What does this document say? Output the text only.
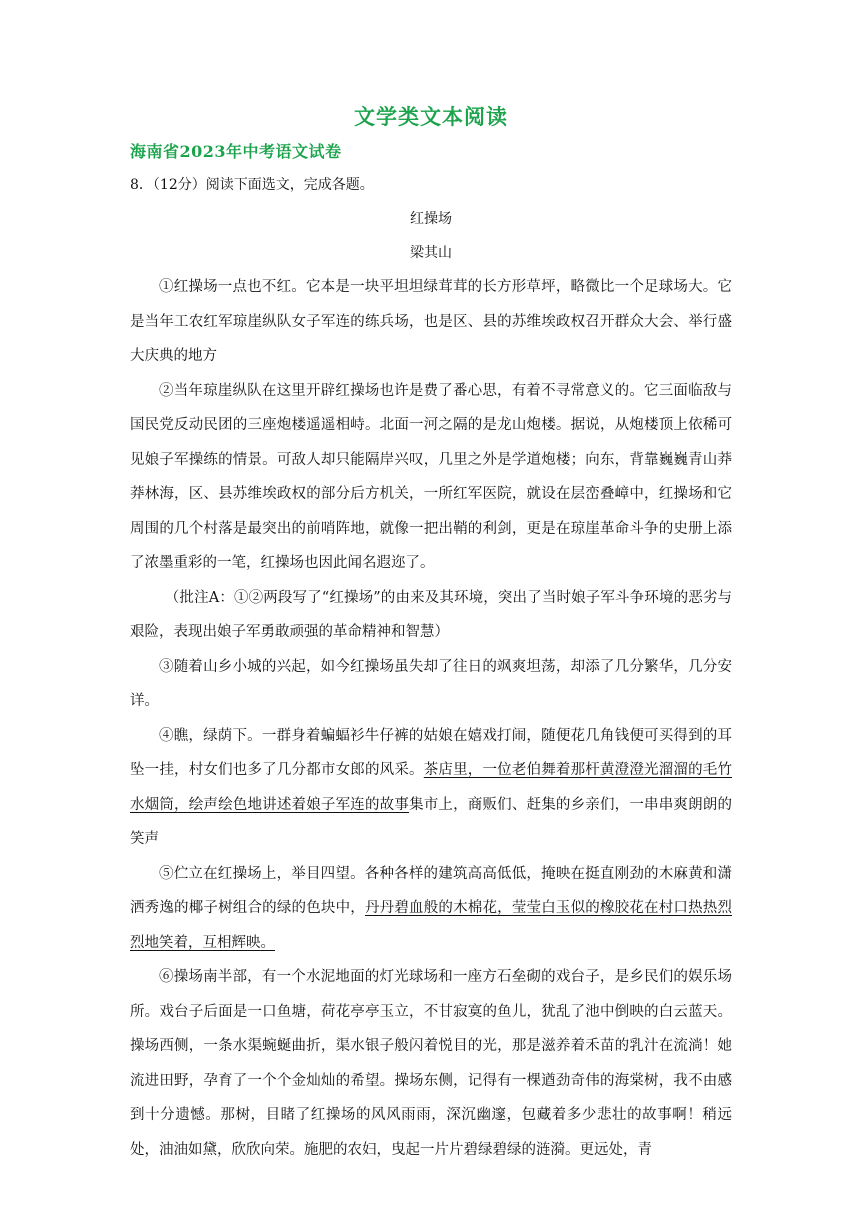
文学类文本阅读
海南省2023年中考语文试卷

8．（12分）阅读下面选文，完成各题。

红操场

梁其山

①红操场一点也不红。它本是一块平坦坦绿茸茸的长方形草坪，略微比一个足球场大。它是当年工农红军琼崖纵队女子军连的练兵场，也是区、县的苏维埃政权召开群众大会、举行盛大庆典的地方

②当年琼崖纵队在这里开辟红操场也许是费了番心思，有着不寻常意义的。它三面临敌与国民党反动民团的三座炮楼遥遥相峙。北面一河之隔的是龙山炮楼。据说，从炮楼顶上依稀可见娘子军操练的情景。可敌人却只能隔岸兴叹，几里之外是学道炮楼；向东，背靠巍巍青山莽莽林海，区、县苏维埃政权的部分后方机关，一所红军医院，就设在层峦叠嶂中，红操场和它周围的几个村落是最突出的前哨阵地，就像一把出鞘的利剑，更是在琼崖革命斗争的史册上添了浓墨重彩的一笔，红操场也因此闻名遐迩了。

（批注A：①②两段写了“红操场”的由来及其环境，突出了当时娘子军斗争环境的恶劣与艰险，表现出娘子军勇敢顽强的革命精神和智慧）

③随着山乡小城的兴起，如今红操场虽失却了往日的飒爽坦荡，却添了几分繁华，几分安详。

④瞧，绿荫下。一群身着蝙蝠衫牛仔裤的姑娘在嬉戏打闹，随便花几角钱便可买得到的耳坠一挂，村女们也多了几分都市女郎的风采。茶店里，一位老伯舞着那杆黄澄澄光溜溜的毛竹水烟筒，绘声绘色地讲述着娘子军连的故事集市上，商贩们、赶集的乡亲们，一串串爽朗朗的笑声

⑤伫立在红操场上，举目四望。各种各样的建筑高高低低，掩映在挺直刚劲的木麻黄和潇洒秀逸的椰子树组合的绿的色块中，丹丹碧血般的木棉花，莹莹白玉似的橡胶花在村口热热烈烈地笑着，互相辉映。

⑥操场南半部，有一个水泥地面的灯光球场和一座方石垒砌的戏台子，是乡民们的娱乐场所。戏台子后面是一口鱼塘，荷花亭亭玉立，不甘寂寞的鱼儿，犹乱了池中倒映的白云蓝天。操场西侧，一条水渠蜿蜒曲折，渠水银子般闪着悦目的光，那是滋养着禾苗的乳汁在流淌！她流进田野，孕育了一个个金灿灿的希望。操场东侧，记得有一棵遒劲奇伟的海棠树，我不由感到十分遗憾。那树，目睹了红操场的风风雨雨，深沉幽邃，包藏着多少悲壮的故事啊！稍远处，油油如黛，欣欣向荣。施肥的农妇，曳起一片片碧绿碧绿的涟漪。更远处，青
